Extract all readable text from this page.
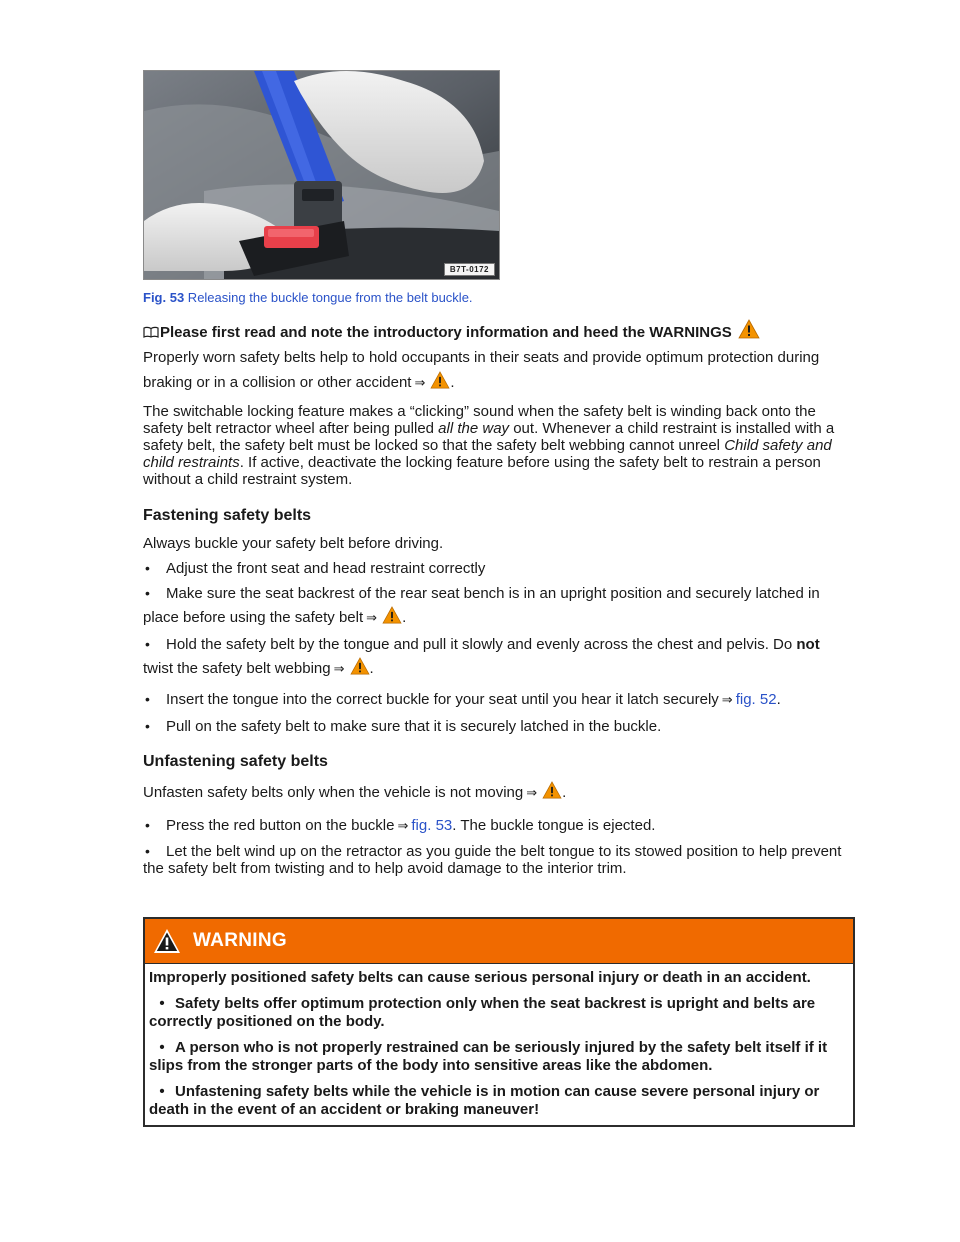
B7T-0172

Fig. 53 Releasing the buckle tongue from the belt buckle.

Please first read and note the introductory information and heed the WARNINGS

Properly worn safety belts help to hold occupants in their seats and provide optimum protection during

braking or in a collision or other accident ⇒ .

The switchable locking feature makes a “clicking” sound when the safety belt is winding back onto the safety belt retractor wheel after being pulled all the way out. Whenever a child restraint is installed with a safety belt, the safety belt must be locked so that the safety belt webbing cannot unreel Child safety and child restraints. If active, deactivate the locking feature before using the safety belt to restrain a person without a child restraint system.

Fastening safety belts

Always buckle your safety belt before driving.

• Adjust the front seat and head restraint correctly
• Make sure the seat backrest of the rear seat bench is in an upright position and securely latched in
place before using the safety belt ⇒ .
• Hold the safety belt by the tongue and pull it slowly and evenly across the chest and pelvis. Do not
twist the safety belt webbing ⇒ .
• Insert the tongue into the correct buckle for your seat until you hear it latch securely ⇒ fig. 52.
• Pull on the safety belt to make sure that it is securely latched in the buckle.
Unfastening safety belts

Unfasten safety belts only when the vehicle is not moving ⇒ .

• Press the red button on the buckle ⇒ fig. 53. The buckle tongue is ejected.
• Let the belt wind up on the retractor as you guide the belt tongue to its stowed position to help prevent the safety belt from twisting and to help avoid damage to the interior trim.
WARNING

Improperly positioned safety belts can cause serious personal injury or death in an accident.

• Safety belts offer optimum protection only when the seat backrest is upright and belts are correctly positioned on the body.

• A person who is not properly restrained can be seriously injured by the safety belt itself if it slips from the stronger parts of the body into sensitive areas like the abdomen.

• Unfastening safety belts while the vehicle is in motion can cause severe personal injury or death in the event of an accident or braking maneuver!
